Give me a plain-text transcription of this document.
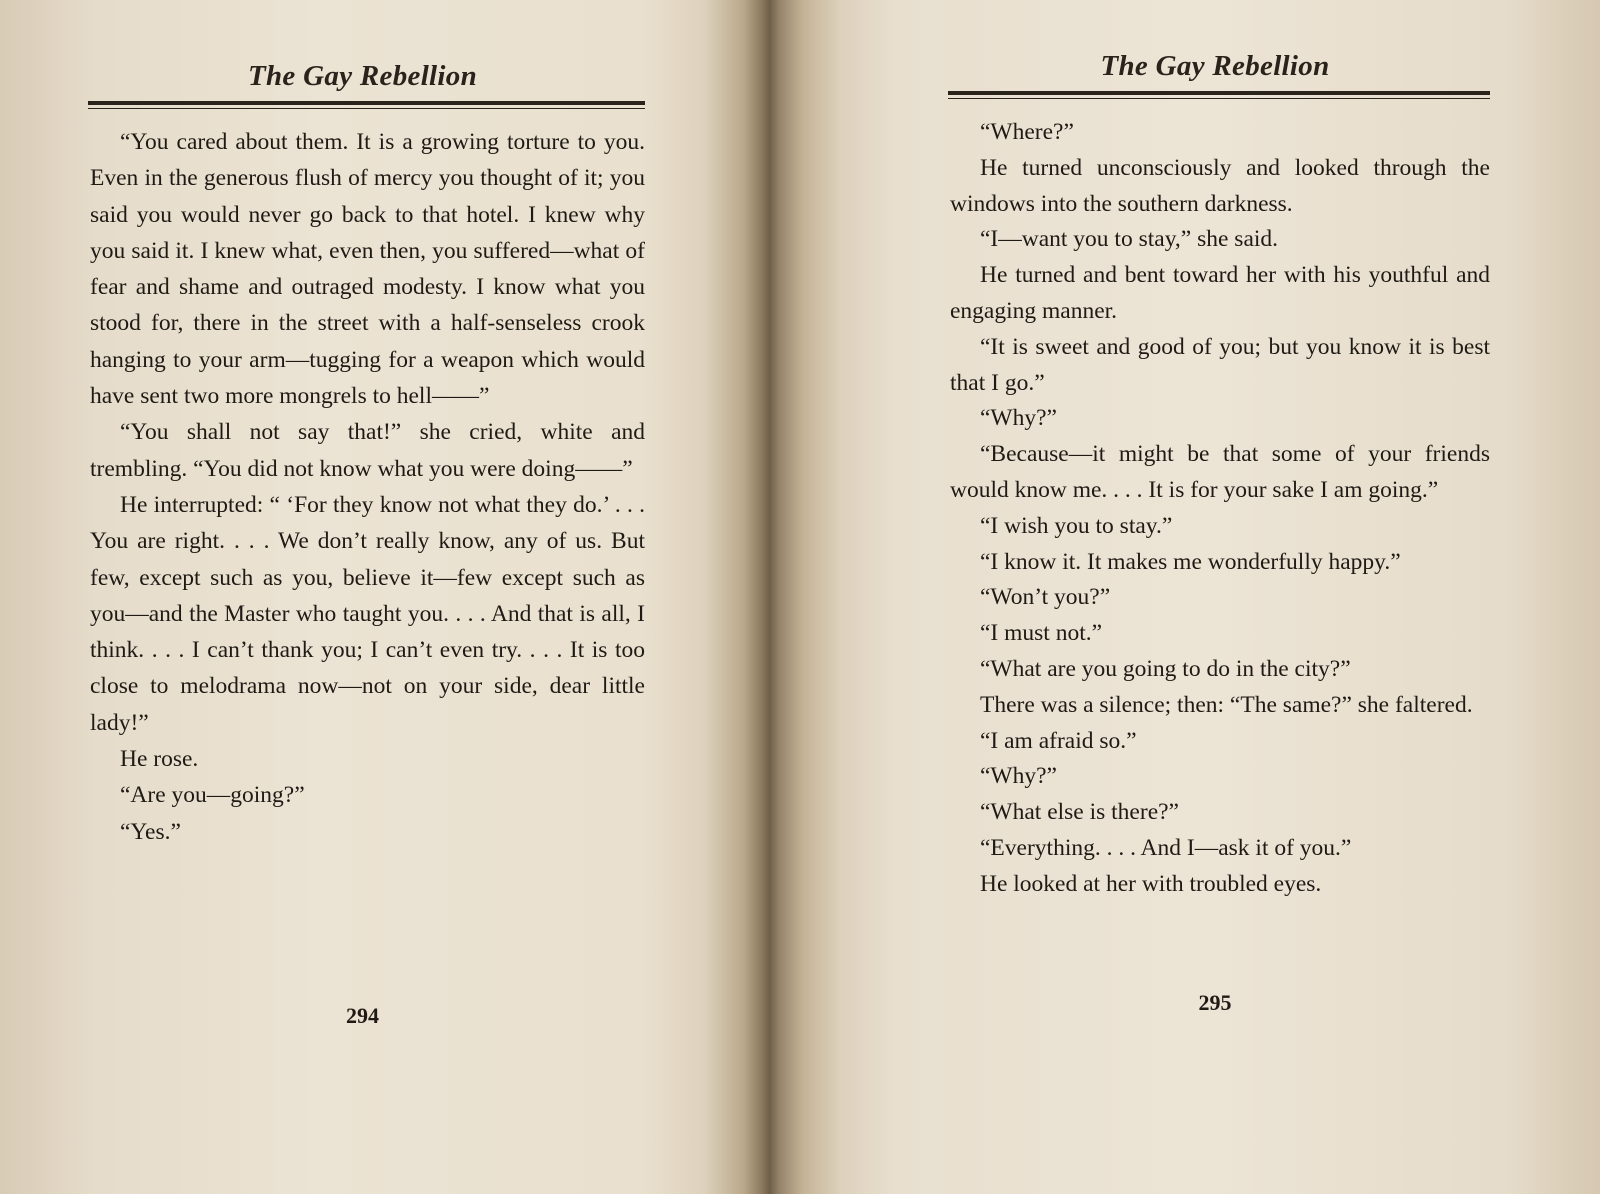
The Gay Rebellion

“You cared about them. It is a growing torture to you. Even in the generous flush of mercy you thought of it; you said you would never go back to that hotel. I knew why you said it. I knew what, even then, you suffered—what of fear and shame and outraged modesty. I know what you stood for, there in the street with a half-senseless crook hanging to your arm—tugging for a weapon which would have sent two more mongrels to hell——”

“You shall not say that!” she cried, white and trembling. “You did not know what you were doing——”

He interrupted: “ ‘For they know not what they do.’ . . . You are right. . . . We don’t really know, any of us. But few, except such as you, believe it—few except such as you—and the Master who taught you. . . . And that is all, I think. . . . I can’t thank you; I can’t even try. . . . It is too close to melodrama now—not on your side, dear little lady!”

He rose.

“Are you—going?”

“Yes.”

294
The Gay Rebellion

“Where?”

He turned unconsciously and looked through the windows into the southern darkness.

“I—want you to stay,” she said.

He turned and bent toward her with his youthful and engaging manner.

“It is sweet and good of you; but you know it is best that I go.”

“Why?”

“Because—it might be that some of your friends would know me. . . . It is for your sake I am going.”

“I wish you to stay.”

“I know it. It makes me wonderfully happy.”

“Won’t you?”

“I must not.”

“What are you going to do in the city?”

There was a silence; then: “The same?” she faltered.

“I am afraid so.”

“Why?”

“What else is there?”

“Everything. . . . And I—ask it of you.”

He looked at her with troubled eyes.

295
